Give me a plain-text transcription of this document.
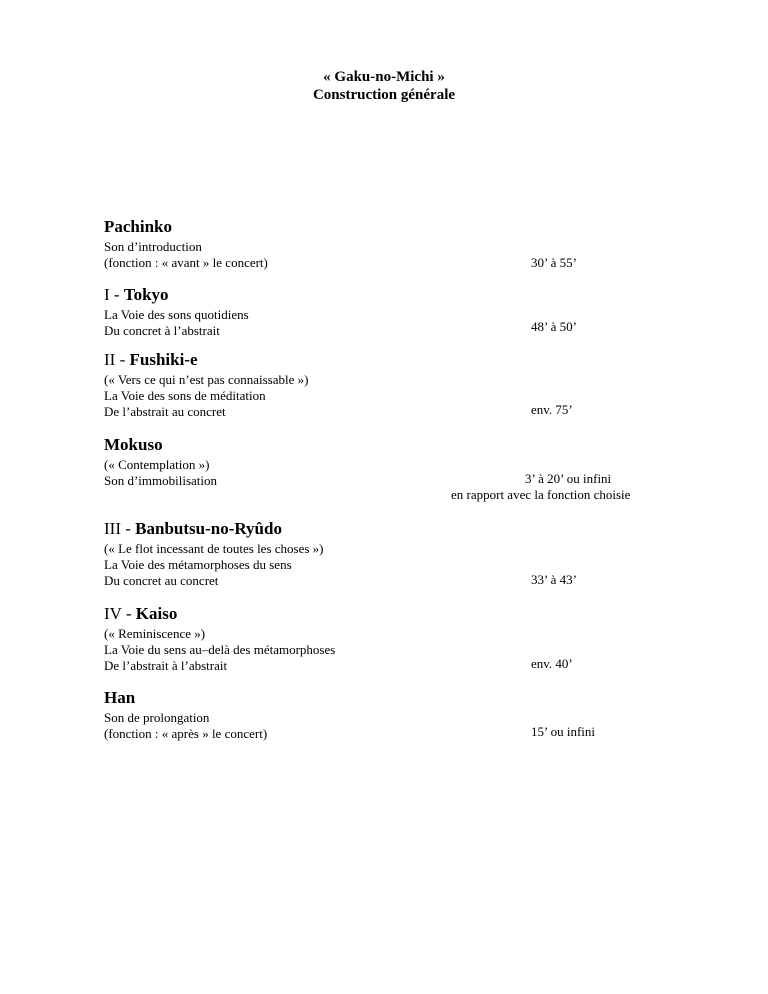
« Gaku-no-Michi »
Construction générale
Pachinko
Son d’introduction
(fonction : « avant » le concert)	30’ à 55’
I - Tokyo
La Voie des sons quotidiens
Du concret à l’abstrait	48’ à 50’
II - Fushiki-e
(« Vers ce qui n’est pas connaissable »)
La Voie des sons de méditation
De l’abstrait au concret	env. 75’
Mokuso
(« Contemplation »)
Son d’immobilisation	3’ à 20’ ou infini
en rapport avec la fonction choisie
III - Banbutsu-no-Ryûdo
(« Le flot incessant de toutes les choses »)
La Voie des métamorphoses du sens
Du concret au concret	33’ à 43’
IV - Kaiso
(« Reminiscence »)
La Voie du sens au–delà des métamorphoses
De l’abstrait à l’abstrait	env. 40’
Han
Son de prolongation
(fonction : « après » le concert)	15’ ou infini
